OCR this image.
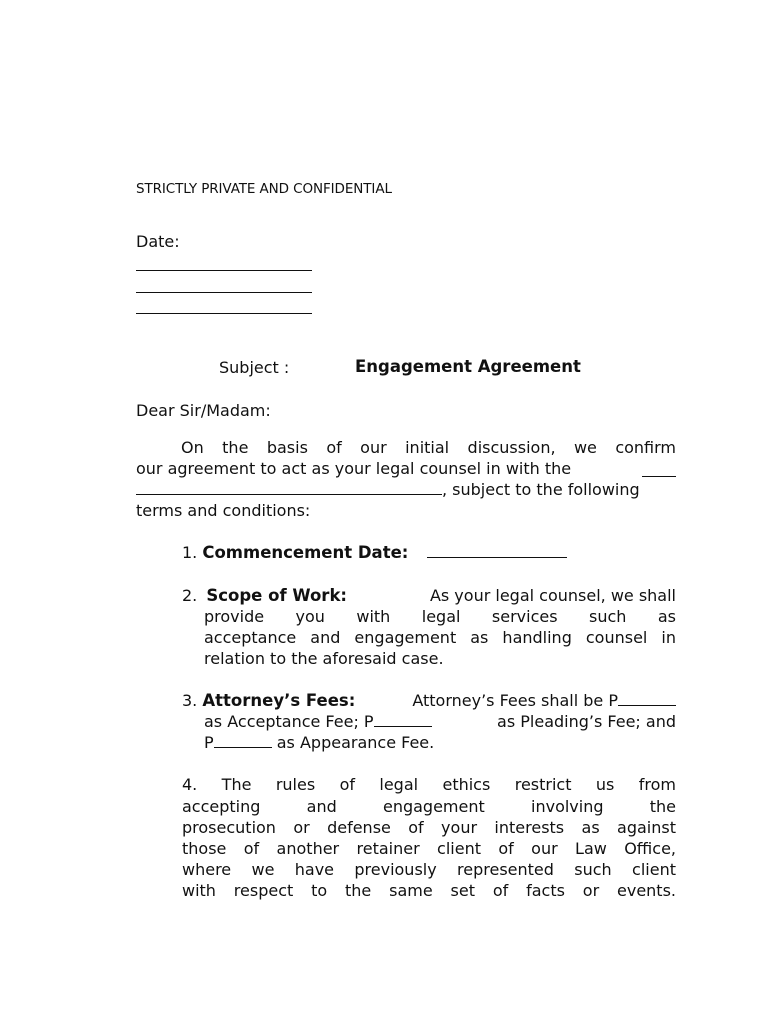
STRICTLY PRIVATE AND CONFIDENTIAL
Date:
Subject :	Engagement Agreement
Dear Sir/Madam:
On the basis of our initial discussion, we confirm
our agreement to act as your legal counsel in with the
, subject to the following
terms and conditions:
1. Commencement Date:
2. Scope of Work:	As your legal counsel, we shall
provide you with legal services such as
acceptance and engagement as handling counsel in
relation to the aforesaid case.
3. Attorney’s Fees:	Attorney’s Fees shall be P
as Acceptance Fee; P	as Pleading’s Fee; and
P	as Appearance Fee.
4. The rules of legal ethics restrict us from
accepting and engagement involving the
prosecution or defense of your interests as against
those of another retainer client of our Law Office,
where we have previously represented such client
with respect to the same set of facts or events.
